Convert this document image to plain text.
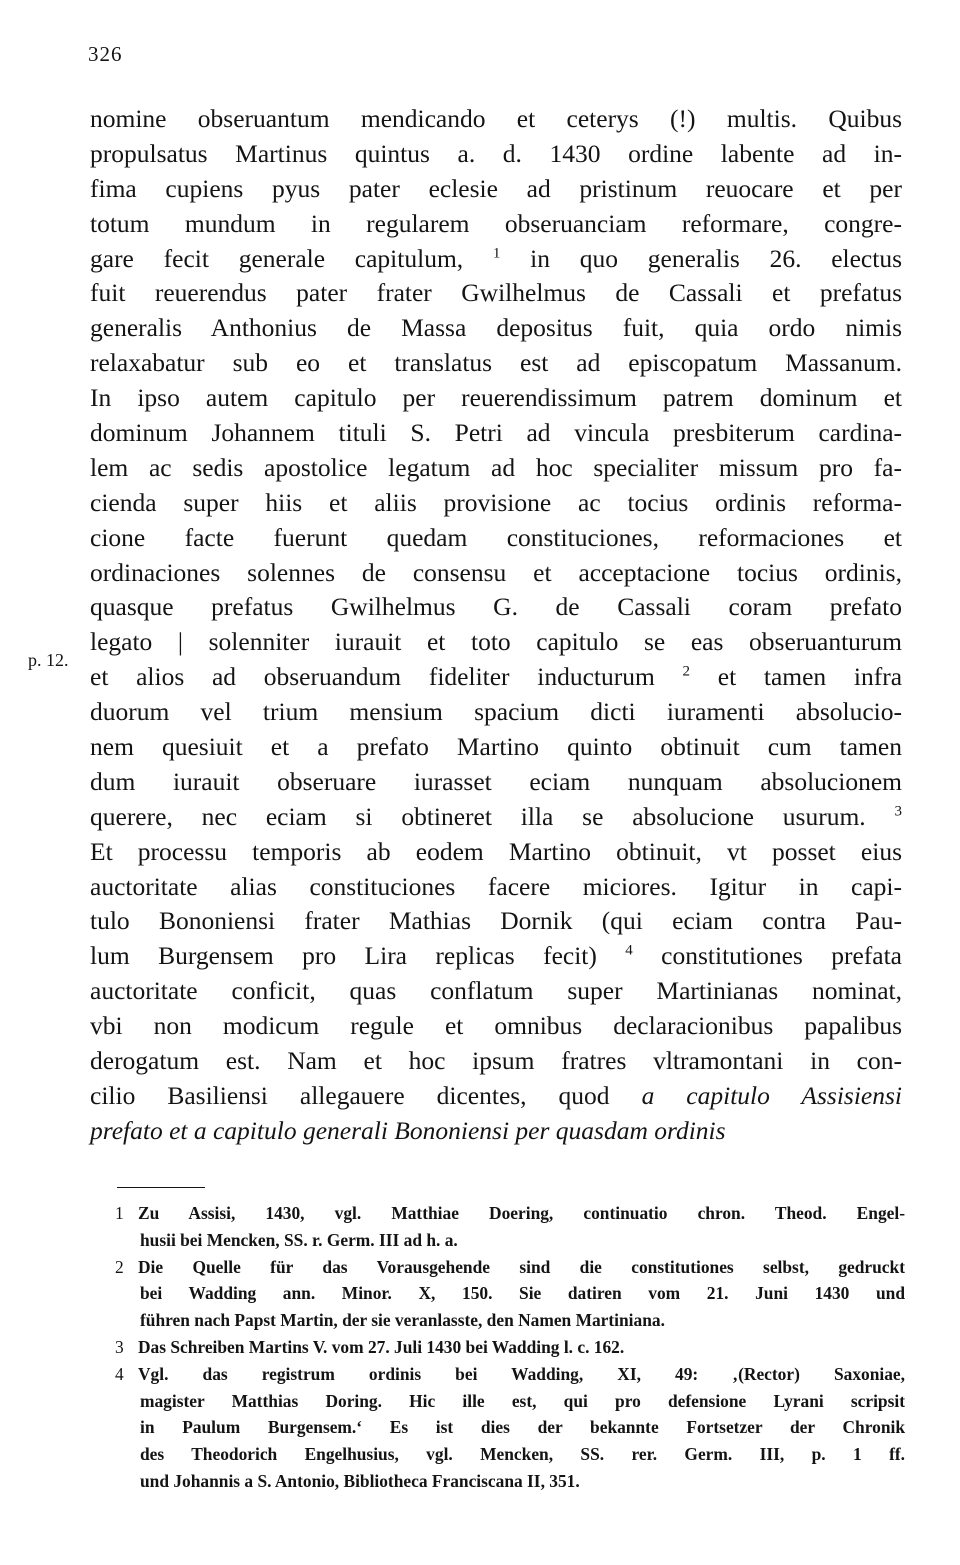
326
p. 12.
nomine obseruantum mendicando et ceterys (!) multis. Quibus
propulsatus Martinus quintus a. d. 1430 ordine labente ad in-
fima cupiens pyus pater eclesie ad pristinum reuocare et per
totum mundum in regularem obseruanciam reformare, congre-
gare fecit generale capitulum, $^1$ in quo generalis 26. electus
fuit reuerendus pater frater Gwilhelmus de Cassali et prefatus
generalis Anthonius de Massa depositus fuit, quia ordo nimis
relaxabatur sub eo et translatus est ad episcopatum Massanum.
In ipso autem capitulo per reuerendissimum patrem dominum et
dominum Johannem tituli S. Petri ad vincula presbiterum cardina-
lem ac sedis apostolice legatum ad hoc specialiter missum pro fa-
cienda super hiis et aliis provisione ac tocius ordinis reforma-
cione facte fuerunt quedam constituciones, reformaciones et
ordinaciones solennes de consensu et acceptacione tocius ordinis,
quasque prefatus Gwilhelmus G. de Cassali coram prefato
legato | solenniter iurauit et toto capitulo se eas obseruanturum
et alios ad obseruandum fideliter inducturum $^2$ et tamen infra
duorum vel trium mensium spacium dicti iuramenti absolucio-
nem quesiuit et a prefato Martino quinto obtinuit cum tamen
dum iurauit obseruare iurasset eciam nunquam absolucionem
querere, nec eciam si obtineret illa se absolucione usurum. $^3$
Et processu temporis ab eodem Martino obtinuit, vt posset eius
auctoritate alias constituciones facere miciores. Igitur in capi-
tulo Bononiensi frater Mathias Dornik (qui eciam contra Pau-
lum Burgensem pro Lira replicas fecit) $^4$ constitutiones prefata
auctoritate conficit, quas conflatum super Martinianas nominat,
vbi non modicum regule et omnibus declaracionibus papalibus
derogatum est. Nam et hoc ipsum fratres vltramontani in con-
cilio Basiliensi allegauere dicentes, quod a capitulo Assisiensi
prefato et a capitulo generali Bononiensi per quasdam ordinis
1 Zu Assisi, 1430, vgl. Matthiae Doering, continuatio chron. Theod. Engel-
husii bei Mencken, SS. r. Germ. III ad h. a.
2 Die Quelle für das Vorausgehende sind die constitutiones selbst, gedruckt
bei Wadding ann. Minor. X, 150. Sie datiren vom 21. Juni 1430 und
führen nach Papst Martin, der sie veranlasste, den Namen Martiniana.
3 Das Schreiben Martins V. vom 27. Juli 1430 bei Wadding l. c. 162.
4 Vgl. das registrum ordinis bei Wadding, XI, 49: ‚(Rector) Saxoniae,
magister Matthias Doring. Hic ille est, qui pro defensione Lyrani scripsit
in Paulum Burgensem.‘ Es ist dies der bekannte Fortsetzer der Chronik
des Theodorich Engelhusius, vgl. Mencken, SS. rer. Germ. III, p. 1 ff.
und Johannis a S. Antonio, Bibliotheca Franciscana II, 351.
